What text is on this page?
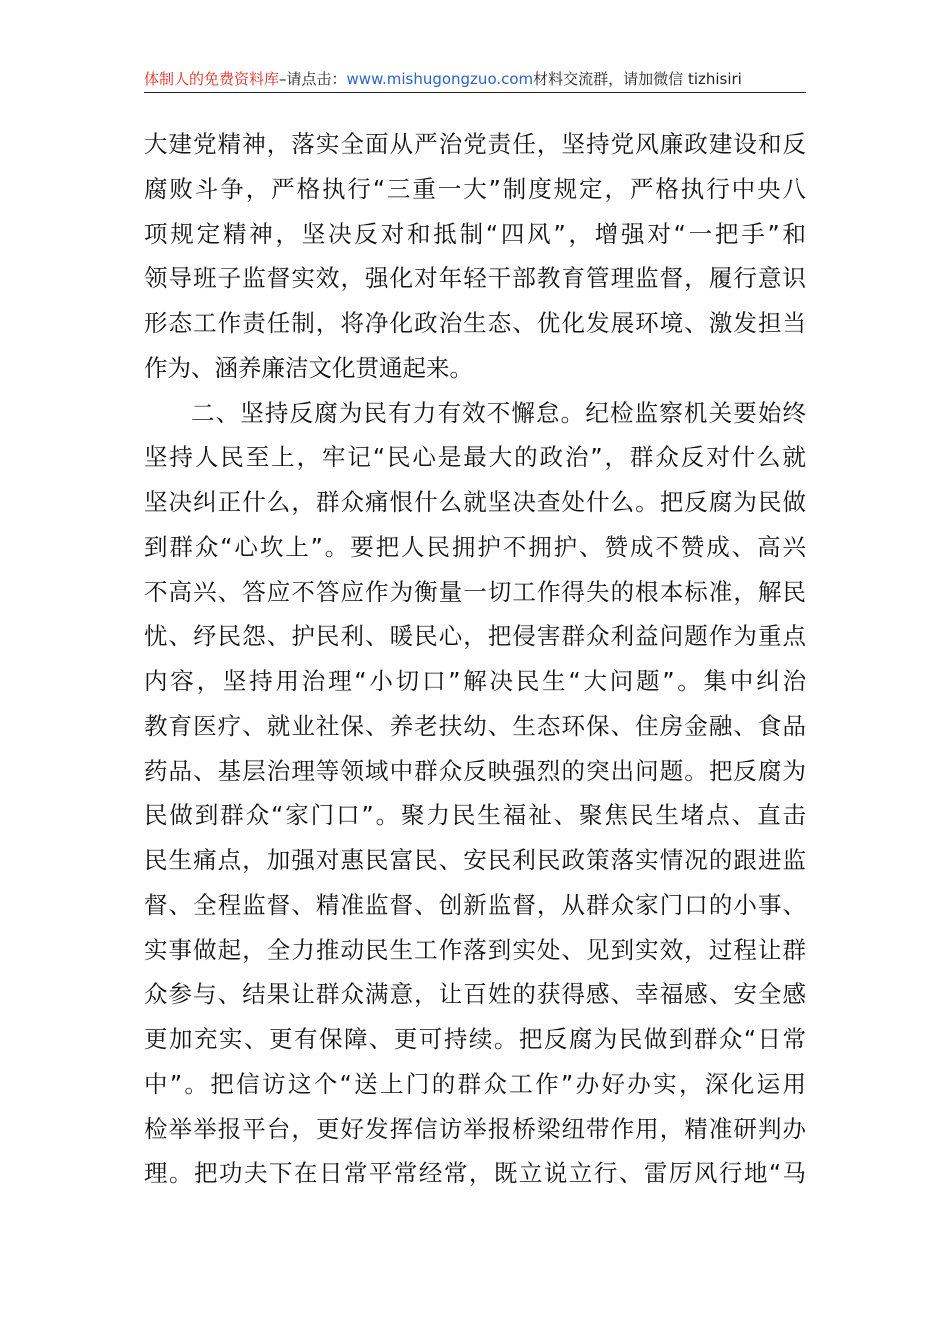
体制人的免费资料库–请点击：www.mishugongzuo.com材料交流群，请加微信 tizhisiri
大建党精神，落实全面从严治党责任，坚持党风廉政建设和反
腐败斗争，严格执行“三重一大”制度规定，严格执行中央八
项规定精神，坚决反对和抵制“四风”，增强对“一把手”和
领导班子监督实效，强化对年轻干部教育管理监督，履行意识
形态工作责任制，将净化政治生态、优化发展环境、激发担当
作为、涵养廉洁文化贯通起来。
二、坚持反腐为民有力有效不懈怠。纪检监察机关要始终
坚持人民至上，牢记“民心是最大的政治”，群众反对什么就
坚决纠正什么，群众痛恨什么就坚决查处什么。把反腐为民做
到群众“心坎上”。要把人民拥护不拥护、赞成不赞成、高兴
不高兴、答应不答应作为衡量一切工作得失的根本标准，解民
忧、纾民怨、护民利、暖民心，把侵害群众利益问题作为重点
内容，坚持用治理“小切口”解决民生“大问题”。集中纠治
教育医疗、就业社保、养老扶幼、生态环保、住房金融、食品
药品、基层治理等领域中群众反映强烈的突出问题。把反腐为
民做到群众“家门口”。聚力民生福祉、聚焦民生堵点、直击
民生痛点，加强对惠民富民、安民利民政策落实情况的跟进监
督、全程监督、精准监督、创新监督，从群众家门口的小事、
实事做起，全力推动民生工作落到实处、见到实效，过程让群
众参与、结果让群众满意，让百姓的获得感、幸福感、安全感
更加充实、更有保障、更可持续。把反腐为民做到群众“日常
中”。把信访这个“送上门的群众工作”办好办实，深化运用
检举举报平台，更好发挥信访举报桥梁纽带作用，精准研判办
理。把功夫下在日常平常经常，既立说立行、雷厉风行地“马
